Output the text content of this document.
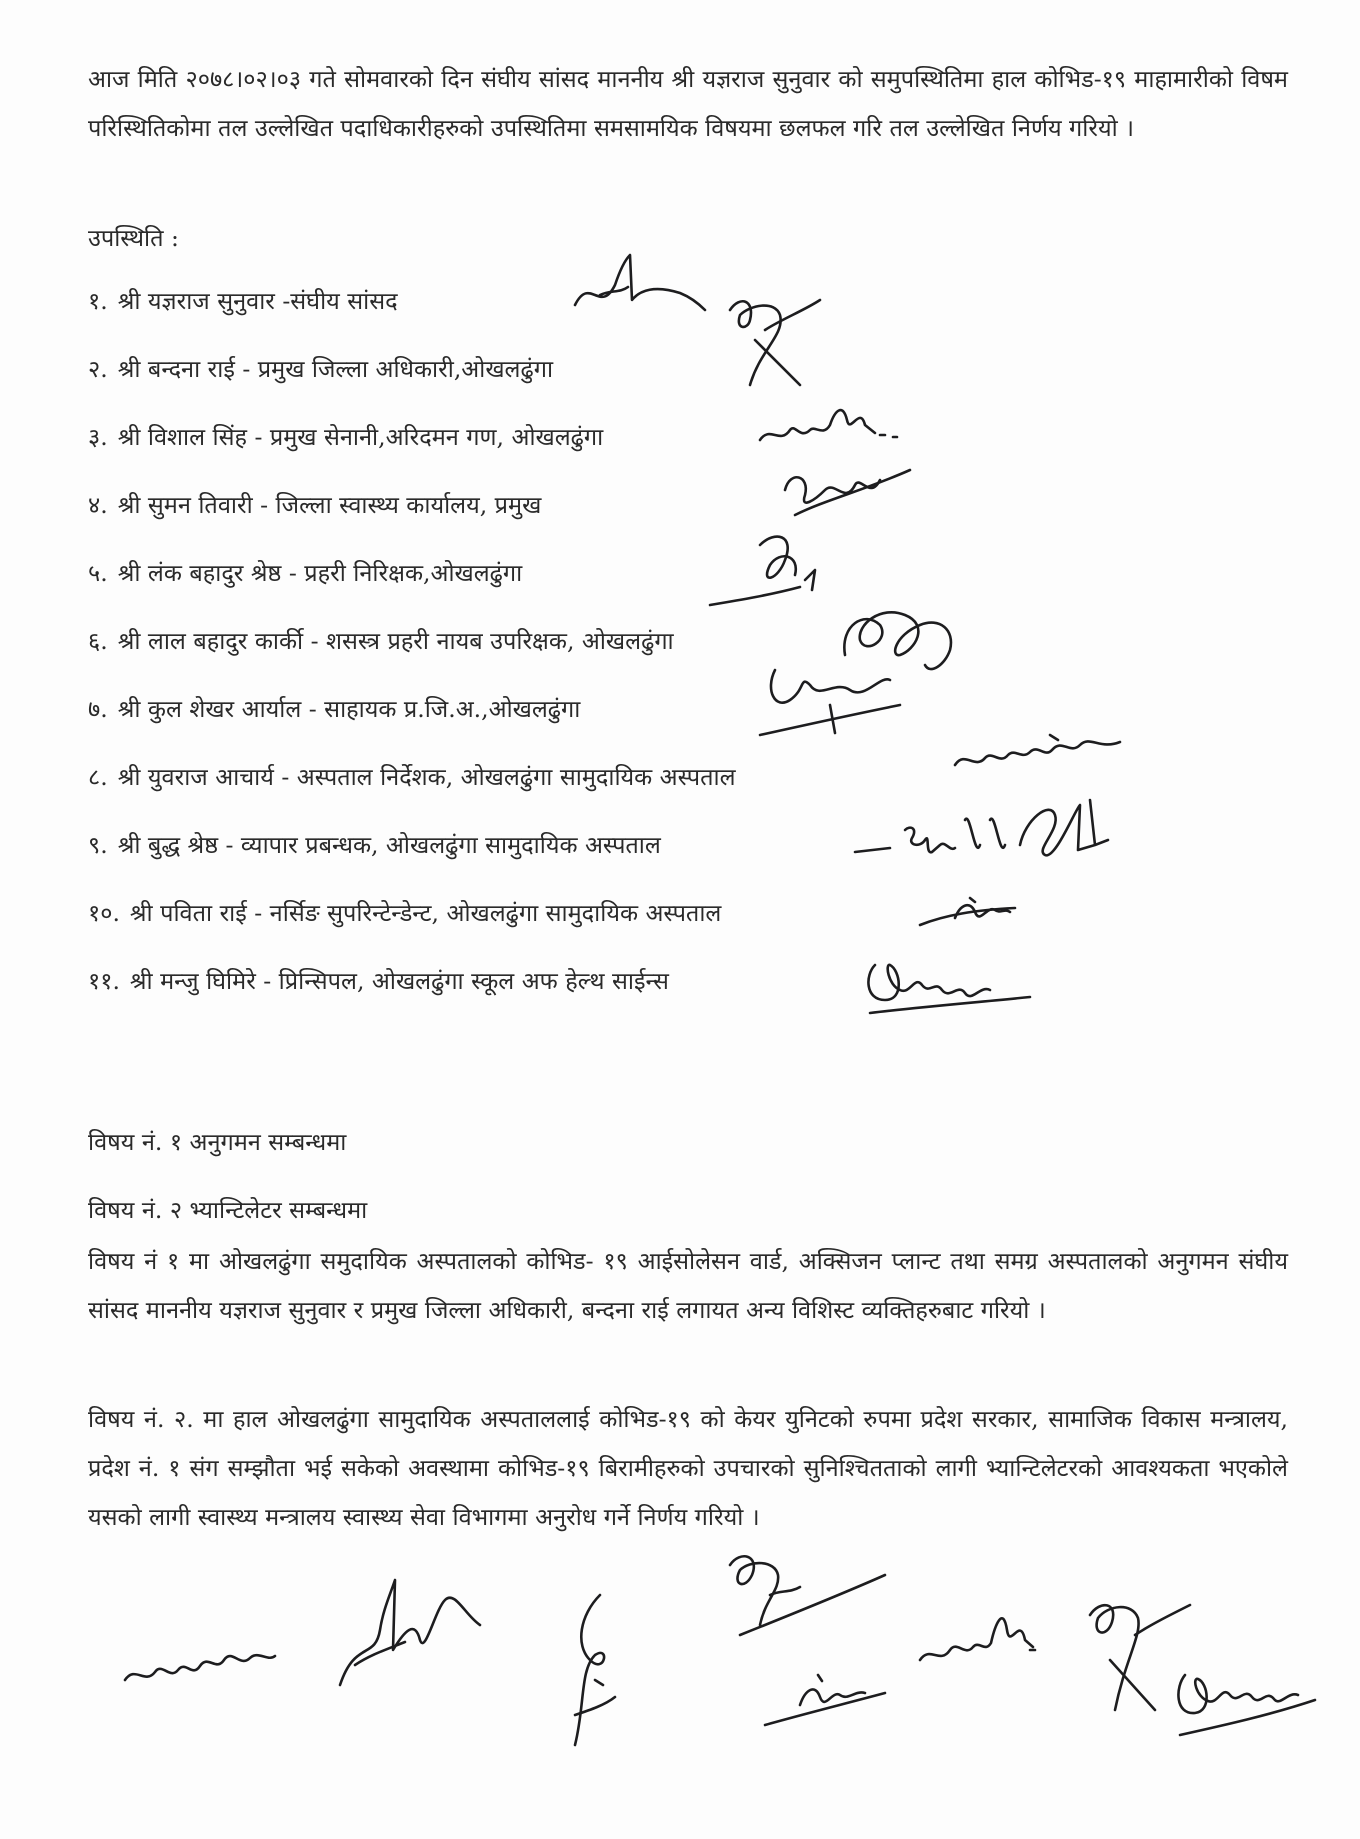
आज मिति २०७८।०२।०३ गते सोमवारको दिन संघीय सांसद माननीय श्री यज्ञराज सुनुवार को समुपस्थितिमा हाल कोभिड-१९ माहामारीको विषम परिस्थितिकोमा तल उल्लेखित पदाधिकारीहरुको उपस्थितिमा समसामयिक विषयमा छलफल गरि तल उल्लेखित निर्णय गरियो ।

उपस्थिति :

१. श्री यज्ञराज सुनुवार -संघीय सांसद
२. श्री बन्दना राई - प्रमुख जिल्ला अधिकारी,ओखलढुंगा
३. श्री विशाल सिंह - प्रमुख सेनानी,अरिदमन गण, ओखलढुंगा
४. श्री सुमन तिवारी - जिल्ला स्वास्थ्य कार्यालय, प्रमुख
५. श्री लंक बहादुर श्रेष्ठ - प्रहरी निरिक्षक,ओखलढुंगा
६. श्री लाल बहादुर कार्की - शसस्त्र प्रहरी नायब उपरिक्षक, ओखलढुंगा
७. श्री कुल शेखर आर्याल - साहायक प्र.जि.अ.,ओखलढुंगा
८. श्री युवराज आचार्य - अस्पताल निर्देशक, ओखलढुंगा सामुदायिक अस्पताल
९. श्री बुद्ध श्रेष्ठ - व्यापार प्रबन्धक, ओखलढुंगा सामुदायिक अस्पताल
१०. श्री पविता राई - नर्सिङ सुपरिन्टेन्डेन्ट, ओखलढुंगा सामुदायिक अस्पताल
११. श्री मन्जु घिमिरे - प्रिन्सिपल, ओखलढुंगा स्कूल अफ हेल्थ साईन्स

विषय नं. १ अनुगमन सम्बन्धमा

विषय नं. २ भ्यान्टिलेटर सम्बन्धमा

विषय नं १ मा ओखलढुंगा समुदायिक अस्पतालको कोभिड- १९ आईसोलेसन वार्ड, अक्सिजन प्लान्ट तथा समग्र अस्पतालको अनुगमन संघीय सांसद माननीय यज्ञराज सुनुवार र प्रमुख जिल्ला अधिकारी, बन्दना राई लगायत अन्य विशिस्ट व्यक्तिहरुबाट गरियो ।

विषय नं. २. मा हाल ओखलढुंगा सामुदायिक अस्पताललाई कोभिड-१९ को केयर युनिटको रुपमा प्रदेश सरकार, सामाजिक विकास मन्त्रालय, प्रदेश नं. १ संग सम्झौता भई सकेको अवस्थामा कोभिड-१९ बिरामीहरुको उपचारको सुनिश्चितताको लागी भ्यान्टिलेटरको आवश्यकता भएकोले यसको लागी स्वास्थ्य मन्त्रालय स्वास्थ्य सेवा विभागमा अनुरोध गर्ने निर्णय गरियो ।
